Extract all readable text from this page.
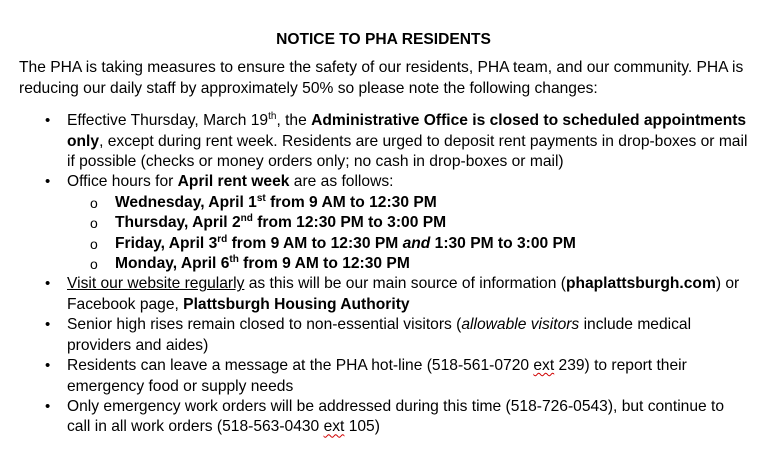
NOTICE TO PHA RESIDENTS

The PHA is taking measures to ensure the safety of our residents, PHA team, and our community. PHA is reducing our daily staff by approximately 50% so please note the following changes:

• Effective Thursday, March 19th, the Administrative Office is closed to scheduled appointments only, except during rent week. Residents are urged to deposit rent payments in drop-boxes or mail if possible (checks or money orders only; no cash in drop-boxes or mail)
• Office hours for April rent week are as follows:
o Wednesday, April 1st from 9 AM to 12:30 PM
o Thursday, April 2nd from 12:30 PM to 3:00 PM
o Friday, April 3rd from 9 AM to 12:30 PM and 1:30 PM to 3:00 PM
o Monday, April 6th from 9 AM to 12:30 PM
• Visit our website regularly as this will be our main source of information (phaplattsburgh.com) or Facebook page, Plattsburgh Housing Authority
• Senior high rises remain closed to non-essential visitors (allowable visitors include medical providers and aides)
• Residents can leave a message at the PHA hot-line (518-561-0720 ext 239) to report their emergency food or supply needs
• Only emergency work orders will be addressed during this time (518-726-0543), but continue to call in all work orders (518-563-0430 ext 105)
